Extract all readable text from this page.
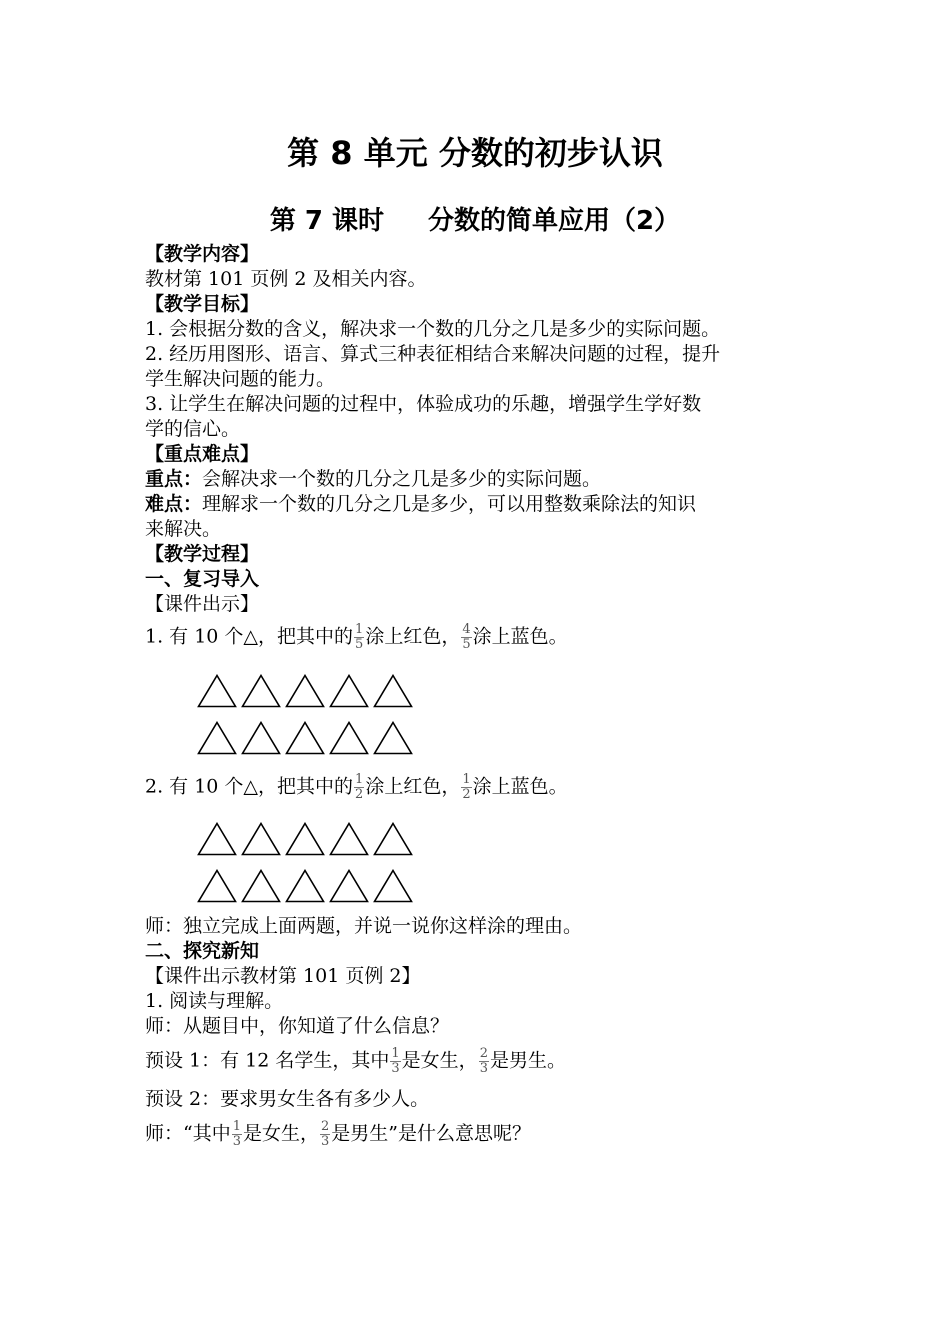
第 8 单元 分数的初步认识
第 7 课时 分数的简单应用（2）
【教学内容】
教材第 101 页例 2 及相关内容。
【教学目标】
1. 会根据分数的含义，解决求一个数的几分之几是多少的实际问题。
2. 经历用图形、语言、算式三种表征相结合来解决问题的过程，提升
学生解决问题的能力。
3. 让学生在解决问题的过程中，体验成功的乐趣，增强学生学好数
学的信心。
【重点难点】
重点：会解决求一个数的几分之几是多少的实际问题。
难点：理解求一个数的几分之几是多少，可以用整数乘除法的知识
来解决。
【教学过程】
一、复习导入
【课件出示】
1. 有 10 个△，把其中的 $\frac{1}{5}$ 涂上红色， $\frac{4}{5}$ 涂上蓝色。
2. 有 10 个△，把其中的 $\frac{1}{2}$ 涂上红色， $\frac{1}{2}$ 涂上蓝色。
师：独立完成上面两题，并说一说你这样涂的理由。
二、探究新知
【课件出示教材第 101 页例 2】
1. 阅读与理解。
师：从题目中，你知道了什么信息？
预设 1：有 12 名学生，其中 $\frac{1}{3}$ 是女生， $\frac{2}{3}$ 是男生。
预设 2：要求男女生各有多少人。
师：“其中 $\frac{1}{3}$ 是女生， $\frac{2}{3}$ 是男生”是什么意思呢？
